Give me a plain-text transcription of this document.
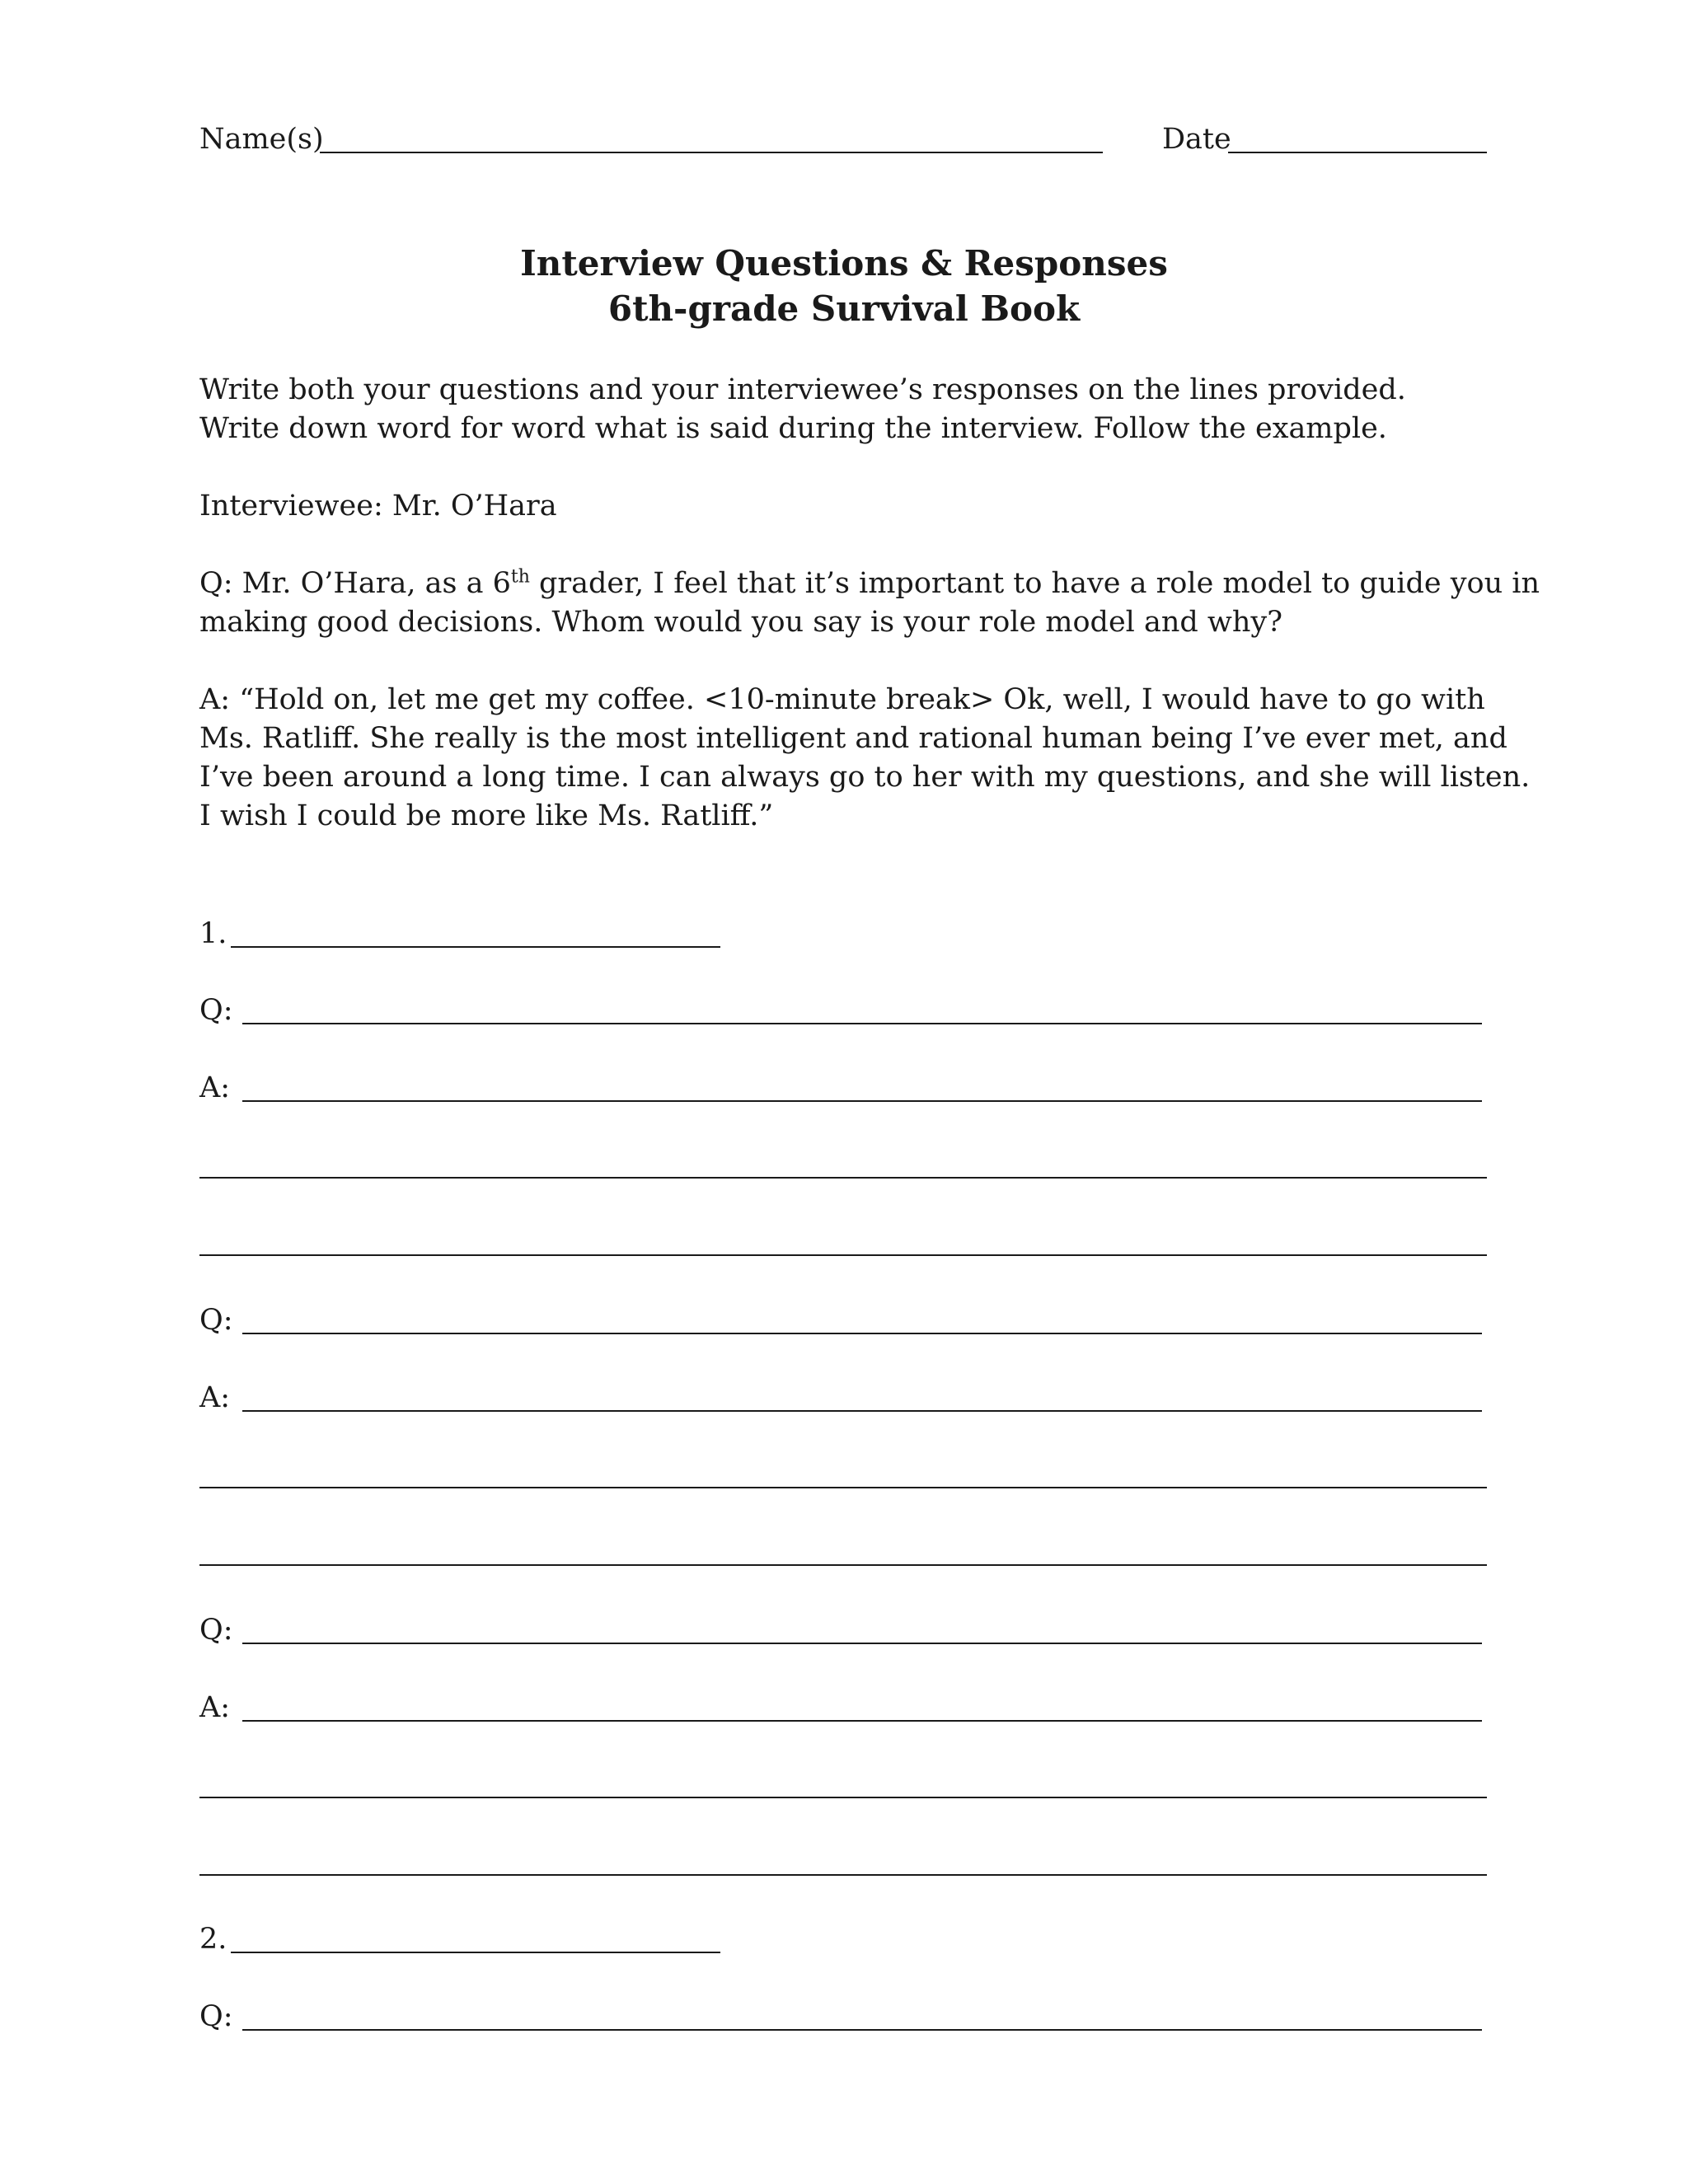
Name(s)	Date
Interview Questions & Responses
6th-grade Survival Book
Write both your questions and your interviewee’s responses on the lines provided.
Write down word for word what is said during the interview. Follow the example.
Interviewee: Mr. O’Hara
Q: Mr. O’Hara, as a 6th grader, I feel that it’s important to have a role model to guide you in
making good decisions. Whom would you say is your role model and why?
A: “Hold on, let me get my coffee. <10-minute break> Ok, well, I would have to go with
Ms. Ratliff. She really is the most intelligent and rational human being I’ve ever met, and
I’ve been around a long time. I can always go to her with my questions, and she will listen.
I wish I could be more like Ms. Ratliff.”
1.
Q:
A:
Q:
A:
Q:
A:
2.
Q:
